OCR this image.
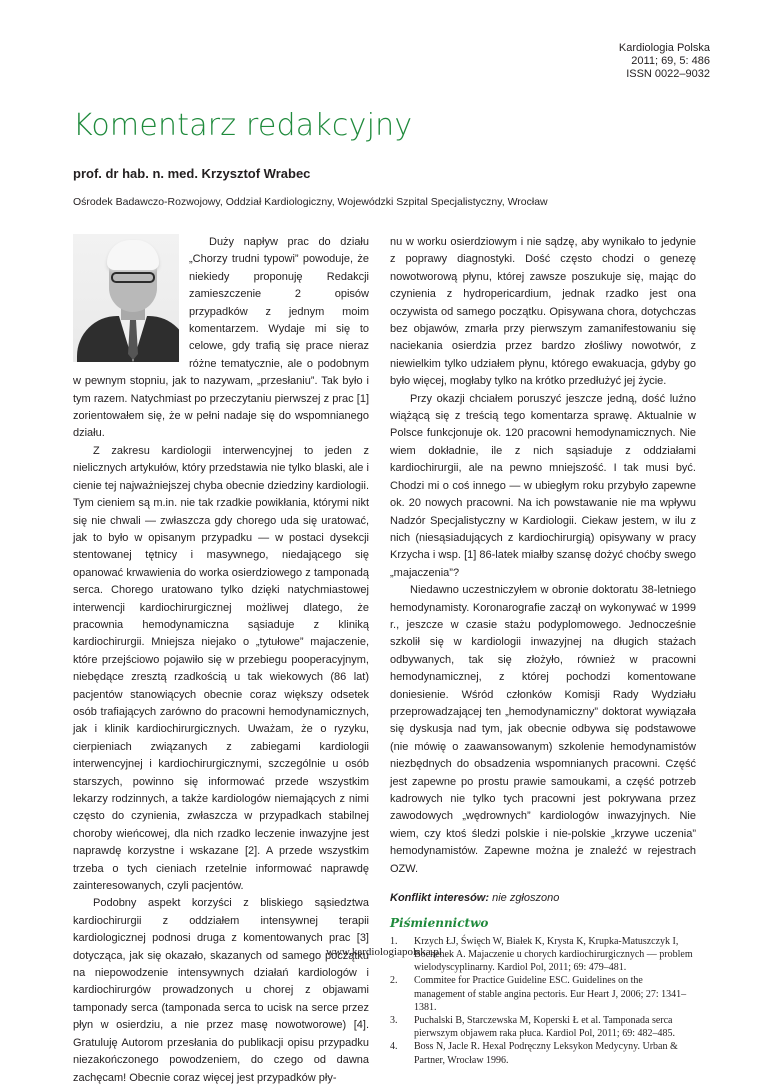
Kardiologia Polska
2011; 69, 5: 486
ISSN 0022–9032
Komentarz redakcyjny
prof. dr hab. n. med. Krzysztof Wrabec
Ośrodek Badawczo-Rozwojowy, Oddział Kardiologiczny, Wojewódzki Szpital Specjalistyczny, Wrocław

Duży napływ prac do działu „Chorzy trudni typowi” powoduje, że niekiedy proponuję Redakcji zamieszczenie 2 opisów przypadków z jednym moim komentarzem. Wydaje mi się to celowe, gdy trafią się prace nieraz różne tematycznie, ale o podobnym w pewnym stopniu, jak to nazywam, „przesłaniu”. Tak było i tym razem. Natychmiast po przeczytaniu pierwszej z prac [1] zorientowałem się, że w pełni nadaje się do wspomnianego działu.

Z zakresu kardiologii interwencyjnej to jeden z nielicznych artykułów, który przedstawia nie tylko blaski, ale i cienie tej najważniejszej chyba obecnie dziedziny kardiologii. Tym cieniem są m.in. nie tak rzadkie powikłania, którymi nikt się nie chwali — zwłaszcza gdy chorego uda się uratować, jak to było w opisanym przypadku — w postaci dysekcji stentowanej tętnicy i masywnego, niedającego się opanować krwawienia do worka osierdziowego z tamponadą serca. Chorego uratowano tylko dzięki natychmiastowej interwencji kardiochirurgicznej możliwej dlatego, że pracownia hemodynamiczna sąsiaduje z kliniką kardiochirurgii. Mniejsza niejako o „tytułowe” majaczenie, które przejściowo pojawiło się w przebiegu pooperacyjnym, niebędące zresztą rzadkością u tak wiekowych (86 lat) pacjentów stanowiących obecnie coraz większy odsetek osób trafiających zarówno do pracowni hemodynamicznych, jak i klinik kardiochirurgicznych. Uważam, że o ryzyku, cierpieniach związanych z zabiegami kardiologii interwencyjnej i kardiochirurgicznymi, szczególnie u osób starszych, powinno się informować przede wszystkim lekarzy rodzinnych, a także kardiologów niemających z nimi często do czynienia, zwłaszcza w przypadkach stabilnej choroby wieńcowej, dla nich rzadko leczenie inwazyjne jest naprawdę korzystne i wskazane [2]. A przede wszystkim trzeba o tych cieniach rzetelnie informować naprawdę zainteresowanych, czyli pacjentów.

Podobny aspekt korzyści z bliskiego sąsiedztwa kardiochirurgii z oddziałem intensywnej terapii kardiologicznej podnosi druga z komentowanych prac [3] dotycząca, jak się okazało, skazanych od samego początku na niepowodzenie intensywnych działań kardiologów i kardiochirurgów prowadzonych u chorej z objawami tamponady serca (tamponada serca to ucisk na serce przez płyn w osierdziu, a nie przez masę nowotworowe) [4]. Gratuluję Autorom przesłania do publikacji opisu przypadku niezakończonego powodzeniem, do czego od dawna zachęcam! Obecnie coraz więcej jest przypadków pły-

nu w worku osierdziowym i nie sądzę, aby wynikało to jedynie z poprawy diagnostyki. Dość często chodzi o genezę nowotworową płynu, której zawsze poszukuje się, mając do czynienia z hydropericardium, jednak rzadko jest ona oczywista od samego początku. Opisywana chora, dotychczas bez objawów, zmarła przy pierwszym zamanifestowaniu się naciekania osierdzia przez bardzo złośliwy nowotwór, z niewielkim tylko udziałem płynu, którego ewakuacja, gdyby go było więcej, mogłaby tylko na krótko przedłużyć jej życie.

Przy okazji chciałem poruszyć jeszcze jedną, dość luźno wiążącą się z treścią tego komentarza sprawę. Aktualnie w Polsce funkcjonuje ok. 120 pracowni hemodynamicznych. Nie wiem dokładnie, ile z nich sąsiaduje z oddziałami kardiochirurgii, ale na pewno mniejszość. I tak musi być. Chodzi mi o coś innego — w ubiegłym roku przybyło zapewne ok. 20 nowych pracowni. Na ich powstawanie nie ma wpływu Nadzór Specjalistyczny w Kardiologii. Ciekaw jestem, w ilu z nich (niesąsiadujących z kardiochirurgią) opisywany w pracy Krzycha i wsp. [1] 86-latek miałby szansę dożyć choćby swego „majaczenia”?

Niedawno uczestniczyłem w obronie doktoratu 38-letniego hemodynamisty. Koronarografie zaczął on wykonywać w 1999 r., jeszcze w czasie stażu podyplomowego. Jednocześnie szkolił się w kardiologii inwazyjnej na długich stażach odbywanych, tak się złożyło, również w pracowni hemodynamicznej, z której pochodzi komentowane doniesienie. Wśród członków Komisji Rady Wydziału przeprowadzającej ten „hemodynamiczny” doktorat wywiązała się dyskusja nad tym, jak obecnie odbywa się podstawowe (nie mówię o zaawansowanym) szkolenie hemodynamistów niezbędnych do obsadzenia wspomnianych pracowni. Część jest zapewne po prostu prawie samoukami, a część potrzeb kadrowych nie tylko tych pracowni jest pokrywana przez zawodowych „wędrownych” kardiologów inwazyjnych. Nie wiem, czy ktoś śledzi polskie i nie-polskie „krzywe uczenia” hemodynamistów. Zapewne można je znaleźć w rejestrach OZW.

Konflikt interesów: nie zgłoszono
Piśmiennictwo
1. Krzych ŁJ, Święch W, Białek K, Krysta K, Krupka-Matuszczyk I, Bochenek A. Majaczenie u chorych kardiochirurgicznych — problem wielodyscyplinarny. Kardiol Pol, 2011; 69: 479–481.
2. Commitee for Practice Guideline ESC. Guidelines on the management of stable angina pectoris. Eur Heart J, 2006; 27: 1341–1381.
3. Puchalski B, Starczewska M, Koperski Ł et al. Tamponada serca pierwszym objawem raka płuca. Kardiol Pol, 2011; 69: 482–485.
4. Boss N, Jacle R. Hexal Podręczny Leksykon Medycyny. Urban & Partner, Wrocław 1996.
www.kardiologiapolska.pl
